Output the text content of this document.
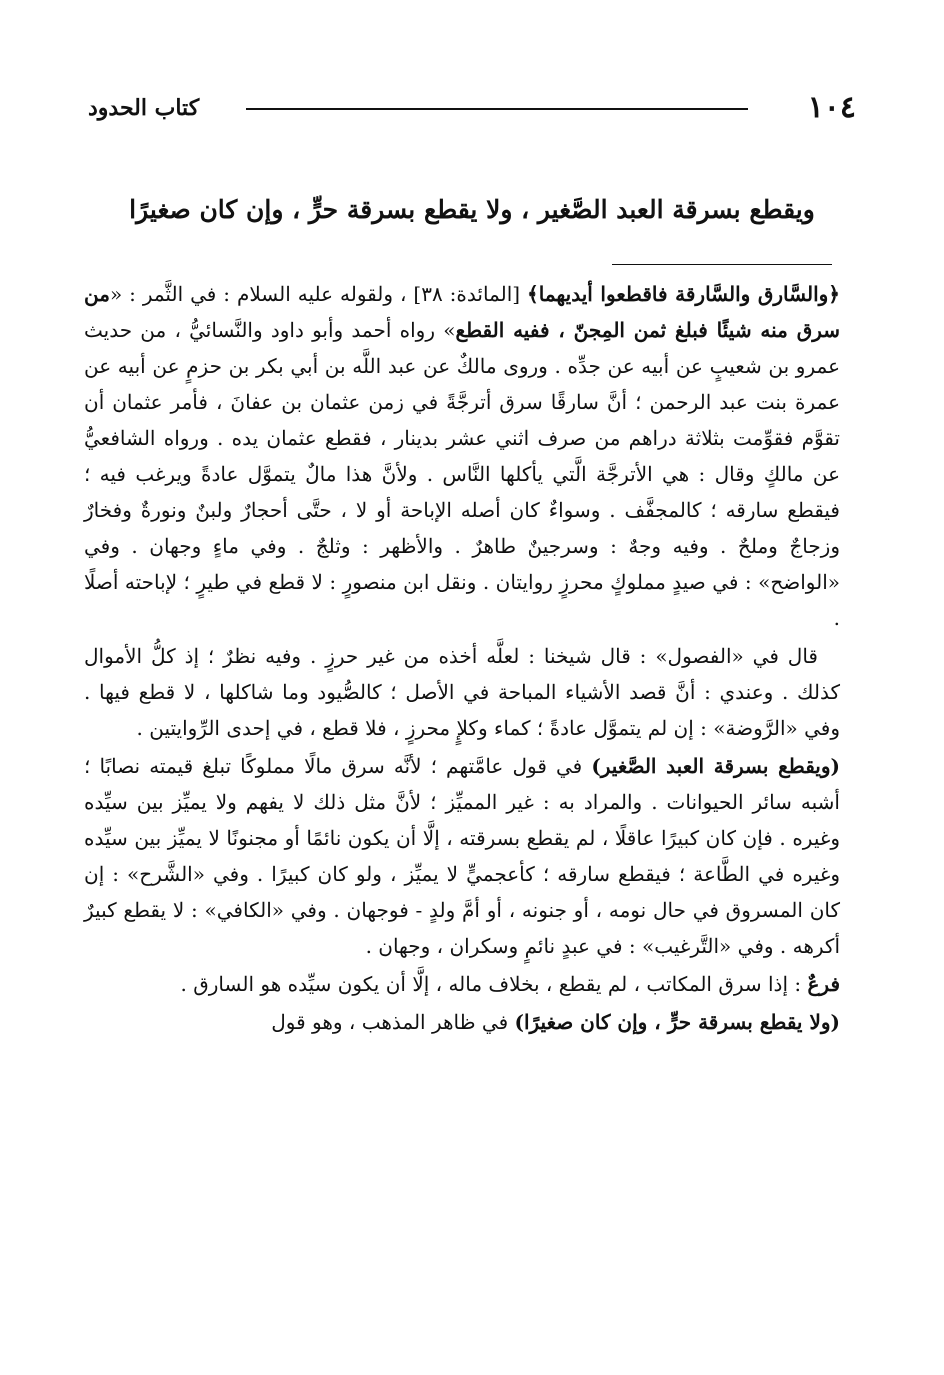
١٠٤
كتاب الحدود
ويقطع بسرقة العبد الصَّغير ، ولا يقطع بسرقة حرٍّ ، وإن كان صغيرًا

﴿والسَّارق والسَّارقة فاقطعوا أيديهما﴾ [المائدة: ٣٨] ، ولقوله عليه السلام : في الثَّمر : «من سرق منه شيئًا فبلغ ثمن المِجنّ ، ففيه القطع» رواه أحمد وأبو داود والنَّسائيُّ ، من حديث عمرو بن شعيبٍ عن أبيه عن جدِّه . وروى مالكٌ عن عبد اللَّه بن أبي بكر بن حزمٍ عن أبيه عن عمرة بنت عبد الرحمن ؛ أنَّ سارقًا سرق أترجَّةً في زمن عثمان بن عفانَ ، فأمر عثمان أن تقوَّم فقوِّمت بثلاثة دراهم من صرف اثني عشر بدينار ، فقطع عثمان يده . ورواه الشافعيُّ عن مالكٍ وقال : هي الأترجَّة الَّتي يأكلها النَّاس . ولأنَّ هذا مالٌ يتموَّل عادةً ويرغب فيه ؛ فيقطع سارقه ؛ كالمجفَّف . وسواءٌ كان أصله الإباحة أو لا ، حتَّى أحجارٌ ولبنٌ ونورةٌ وفخارٌ وزجاجٌ وملحٌ . وفيه وجهٌ : وسرجينٌ طاهرٌ . والأظهر : وثلجٌ . وفي ماءٍ وجهان . وفي «الواضح» : في صيدٍ مملوكٍ محرزٍ روايتان . ونقل ابن منصورٍ : لا قطع في طيرٍ ؛ لإباحته أصلًا .

قال في «الفصول» : قال شيخنا : لعلَّه أخذه من غير حرزٍ . وفيه نظرٌ ؛ إذ كلُّ الأموال كذلك . وعندي : أنَّ قصد الأشياء المباحة في الأصل ؛ كالصُّيود وما شاكلها ، لا قطع فيها . وفي «الرَّوضة» : إن لم يتموَّل عادةً ؛ كماء وكلإٍ محرزٍ ، فلا قطع ، في إحدى الرِّوايتين .

(ويقطع بسرقة العبد الصَّغير) في قول عامَّتهم ؛ لأنَّه سرق مالًا مملوكًا تبلغ قيمته نصابًا ؛ أشبه سائر الحيوانات . والمراد به : غير المميِّز ؛ لأنَّ مثل ذلك لا يفهم ولا يميِّز بين سيِّده وغيره . فإن كان كبيرًا عاقلًا ، لم يقطع بسرقته ، إلَّا أن يكون نائمًا أو مجنونًا لا يميِّز بين سيِّده وغيره في الطَّاعة ؛ فيقطع سارقه ؛ كأعجميٍّ لا يميِّز ، ولو كان كبيرًا . وفي «الشَّرح» : إن كان المسروق في حال نومه ، أو جنونه ، أو أمَّ ولدٍ - فوجهان . وفي «الكافي» : لا يقطع كبيرٌ أكرهه . وفي «التَّرغيب» : في عبدٍ نائمٍ وسكران ، وجهان .

فرعٌ : إذا سرق المكاتب ، لم يقطع ، بخلاف ماله ، إلَّا أن يكون سيِّده هو السارق .

(ولا يقطع بسرقة حرٍّ ، وإن كان صغيرًا) في ظاهر المذهب ، وهو قول
